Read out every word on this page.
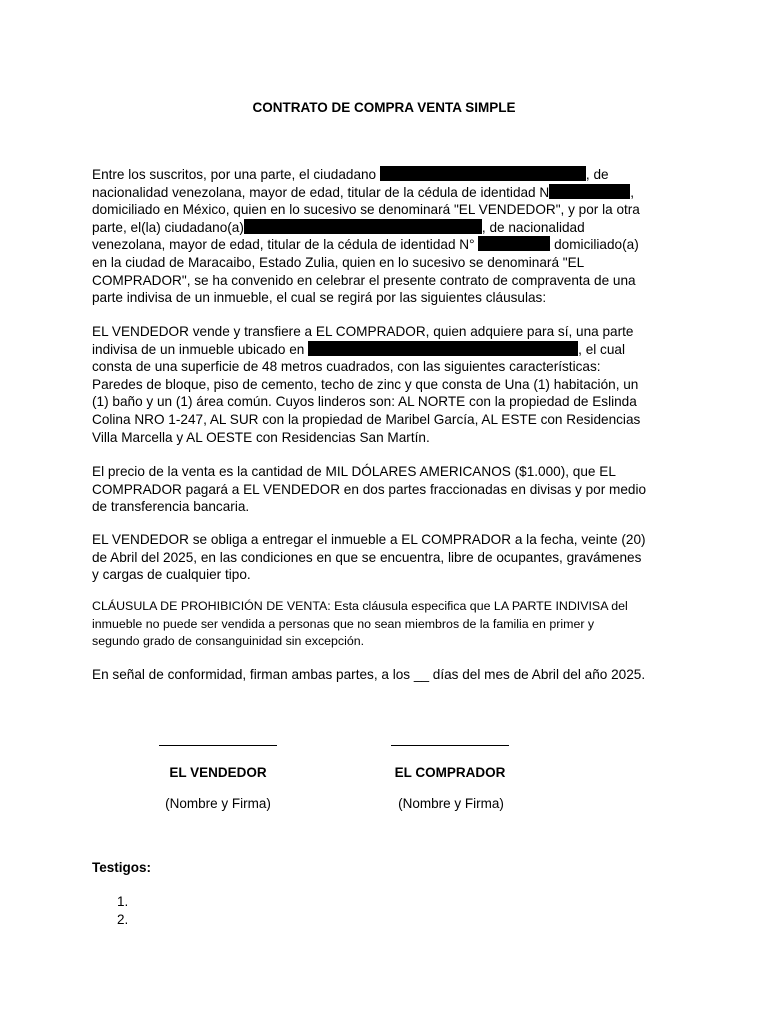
CONTRATO DE COMPRA VENTA SIMPLE

Entre los suscritos, por una parte, el ciudadano	, de
nacionalidad venezolana, mayor de edad, titular de la cédula de identidad N	,
domiciliado en México, quien en lo sucesivo se denominará "EL VENDEDOR", y por la otra
parte, el(la) ciudadano(a)	, de nacionalidad
venezolana, mayor de edad, titular de la cédula de identidad N°	domiciliado(a)
en la ciudad de Maracaibo, Estado Zulia, quien en lo sucesivo se denominará "EL
COMPRADOR", se ha convenido en celebrar el presente contrato de compraventa de una
parte indivisa de un inmueble, el cual se regirá por las siguientes cláusulas:

EL VENDEDOR vende y transfiere a EL COMPRADOR, quien adquiere para sí, una parte
indivisa de un inmueble ubicado en	, el cual
consta de una superficie de 48 metros cuadrados, con las siguientes características:
Paredes de bloque, piso de cemento, techo de zinc y que consta de Una (1) habitación, un
(1) baño y un (1) área común. Cuyos linderos son: AL NORTE con la propiedad de Eslinda
Colina NRO 1-247, AL SUR con la propiedad de Maribel García, AL ESTE con Residencias
Villa Marcella y AL OESTE con Residencias San Martín.

El precio de la venta es la cantidad de MIL DÓLARES AMERICANOS ($1.000), que EL
COMPRADOR pagará a EL VENDEDOR en dos partes fraccionadas en divisas y por medio
de transferencia bancaria.

EL VENDEDOR se obliga a entregar el inmueble a EL COMPRADOR a la fecha, veinte (20)
de Abril del 2025, en las condiciones en que se encuentra, libre de ocupantes, gravámenes
y cargas de cualquier tipo.

CLÁUSULA DE PROHIBICIÓN DE VENTA: Esta cláusula especifica que LA PARTE INDIVISA del
inmueble no puede ser vendida a personas que no sean miembros de la familia en primer y
segundo grado de consanguinidad sin excepción.

En señal de conformidad, firman ambas partes, a los __ días del mes de Abril del año 2025.

EL VENDEDOR	EL COMPRADOR
(Nombre y Firma)	(Nombre y Firma)
Testigos:
1.
2.
